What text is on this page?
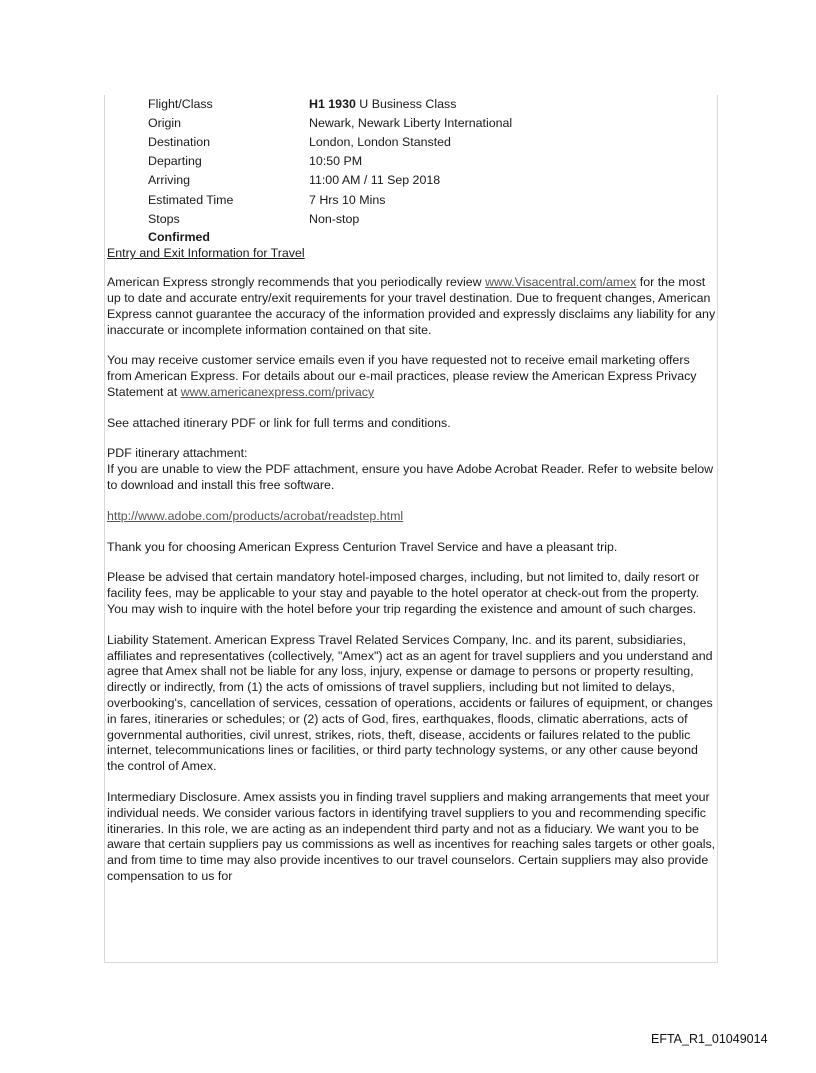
Flight/Class	H1 1930 U Business Class
Origin	Newark, Newark Liberty International
Destination	London, London Stansted
Departing	10:50 PM
Arriving	11:00 AM / 11 Sep 2018
Estimated Time	7 Hrs 10 Mins
Stops	Non-stop
Confirmed
Entry and Exit Information for Travel

American Express strongly recommends that you periodically review www.Visacentral.com/amex for the most up to date and accurate entry/exit requirements for your travel destination. Due to frequent changes, American Express cannot guarantee the accuracy of the information provided and expressly disclaims any liability for any inaccurate or incomplete information contained on that site.

You may receive customer service emails even if you have requested not to receive email marketing offers from American Express. For details about our e-mail practices, please review the American Express Privacy Statement at www.americanexpress.com/privacy

See attached itinerary PDF or link for full terms and conditions.

PDF itinerary attachment:
If you are unable to view the PDF attachment, ensure you have Adobe Acrobat Reader. Refer to website below to download and install this free software.

http://www.adobe.com/products/acrobat/readstep.html

Thank you for choosing American Express Centurion Travel Service and have a pleasant trip.

Please be advised that certain mandatory hotel-imposed charges, including, but not limited to, daily resort or facility fees, may be applicable to your stay and payable to the hotel operator at check-out from the property. You may wish to inquire with the hotel before your trip regarding the existence and amount of such charges.

Liability Statement. American Express Travel Related Services Company, Inc. and its parent, subsidiaries, affiliates and representatives (collectively, "Amex") act as an agent for travel suppliers and you understand and agree that Amex shall not be liable for any loss, injury, expense or damage to persons or property resulting, directly or indirectly, from (1) the acts of omissions of travel suppliers, including but not limited to delays, overbooking's, cancellation of services, cessation of operations, accidents or failures of equipment, or changes in fares, itineraries or schedules; or (2) acts of God, fires, earthquakes, floods, climatic aberrations, acts of governmental authorities, civil unrest, strikes, riots, theft, disease, accidents or failures related to the public internet, telecommunications lines or facilities, or third party technology systems, or any other cause beyond the control of Amex.

Intermediary Disclosure. Amex assists you in finding travel suppliers and making arrangements that meet your individual needs. We consider various factors in identifying travel suppliers to you and recommending specific itineraries. In this role, we are acting as an independent third party and not as a fiduciary. We want you to be aware that certain suppliers pay us commissions as well as incentives for reaching sales targets or other goals, and from time to time may also provide incentives to our travel counselors. Certain suppliers may also provide compensation to us for

EFTA_R1_01049014
